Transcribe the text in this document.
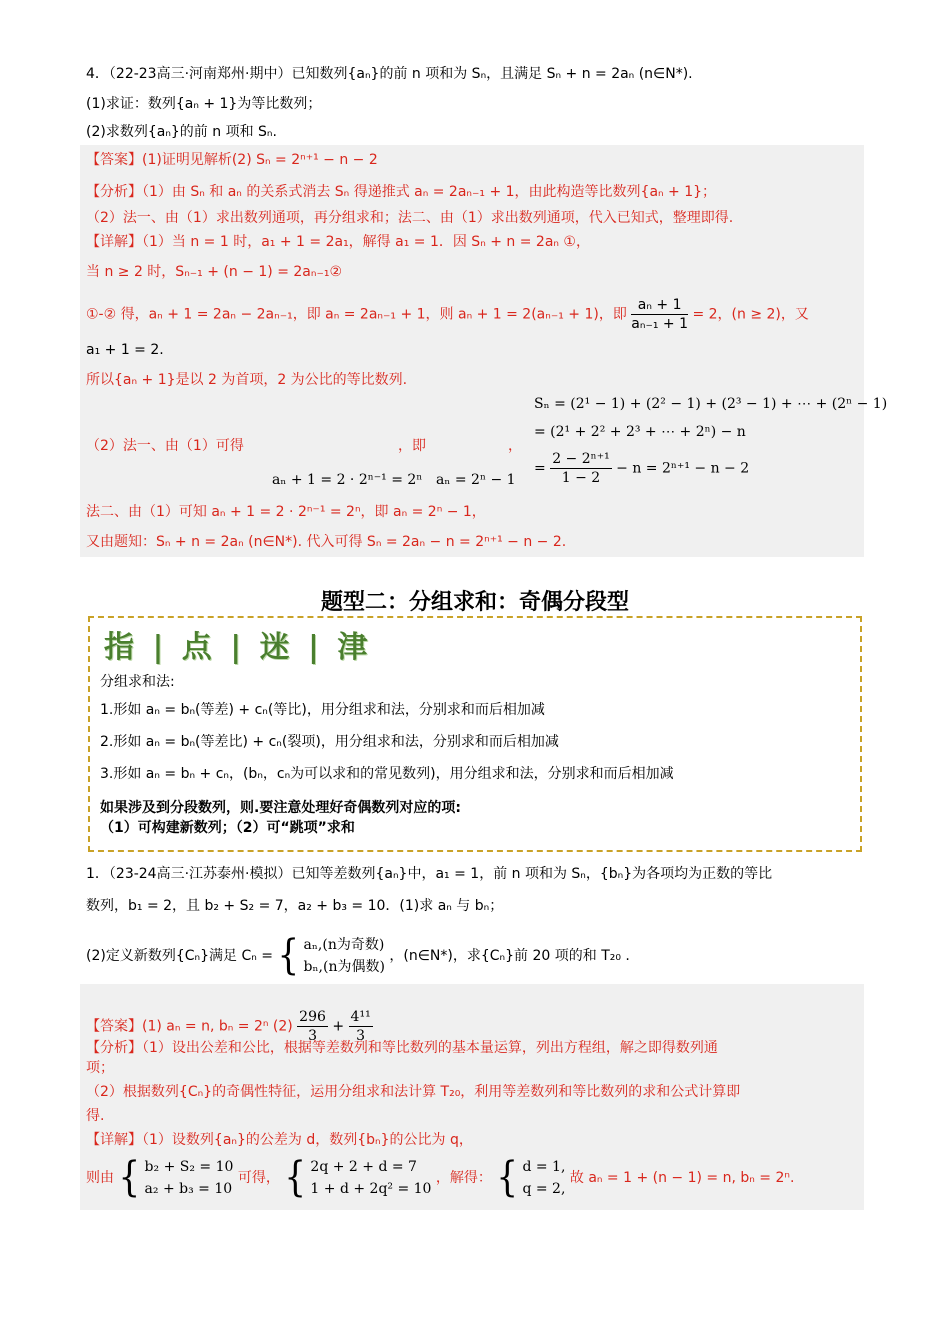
4．（22-23高三·河南郑州·期中）已知数列{aₙ}的前 n 项和为 Sₙ，且满足 Sₙ + n = 2aₙ (n∈N*).
(1)求证：数列{aₙ + 1}为等比数列；
(2)求数列{aₙ}的前 n 项和 Sₙ.
【答案】(1)证明见解析(2) Sₙ = 2ⁿ⁺¹ − n − 2
【分析】（1）由 Sₙ 和 aₙ 的关系式消去 Sₙ 得递推式 aₙ = 2aₙ₋₁ + 1，由此构造等比数列{aₙ + 1}；
（2）法一、由（1）求出数列通项，再分组求和；法二、由（1）求出数列通项，代入已知式，整理即得.
【详解】（1）当 n = 1 时，a₁ + 1 = 2a₁，解得 a₁ = 1．因 Sₙ + n = 2aₙ ①，
当 n ≥ 2 时，Sₙ₋₁ + (n − 1) = 2aₙ₋₁②
①-② 得，aₙ + 1 = 2aₙ − 2aₙ₋₁，即 aₙ = 2aₙ₋₁ + 1，则 aₙ + 1 = 2(aₙ₋₁ + 1)，即 $\frac{\text{aₙ + 1}}{\text{aₙ₋₁ + 1}} = 2$，(n ≥ 2)，又
a₁ + 1 = 2.
所以{aₙ + 1}是以 2 为首项，2 为公比的等比数列.
Sₙ = (2¹ − 1) + (2² − 1) + (2³ − 1) + ⋯ + (2ⁿ − 1)
= (2¹ + 2² + 2³ + ⋯ + 2ⁿ) − n
= $\frac{\text{2 − 2ⁿ⁺¹}}{1 - 2} - n = 2^{n+1} - n - 2$
（2）法一、由（1）可得	，即	，
aₙ + 1 = 2 · 2ⁿ⁻¹ = 2ⁿ aₙ = 2ⁿ − 1
法二、由（1）可知 aₙ + 1 = 2 · 2ⁿ⁻¹ = 2ⁿ，即 aₙ = 2ⁿ − 1，
又由题知：Sₙ + n = 2aₙ (n∈N*). 代入可得 Sₙ = 2aₙ − n = 2ⁿ⁺¹ − n − 2.
题型二：分组求和：奇偶分段型
指 | 点 | 迷 | 津
分组求和法:
1.形如 aₙ = bₙ(等差) + cₙ(等比)，用分组求和法，分别求和而后相加减
2.形如 aₙ = bₙ(等差比) + cₙ(裂项)，用分组求和法，分别求和而后相加减
3.形如 aₙ = bₙ + cₙ，(bₙ，cₙ为可以求和的常见数列)，用分组求和法，分别求和而后相加减
如果涉及到分段数列，则.要注意处理好奇偶数列对应的项:
（1）可构建新数列；（2）可“跳项”求和
1．（23-24高三·江苏泰州·模拟）已知等差数列{aₙ}中，a₁ = 1，前 n 项和为 Sₙ，{bₙ}为各项均为正数的等比
数列，b₁ = 2，且 b₂ + S₂ = 7，a₂ + b₃ = 10．(1)求 aₙ 与 bₙ；
(2)定义新数列{Cₙ}满足 Cₙ = { aₙ,(n为奇数)
bₙ,(n为偶数)
，(n∈N*)，求{Cₙ}前 20 项的和 T₂₀ .
【答案】(1) aₙ = n, bₙ = 2ⁿ $(2) \frac{296}{3} + \frac{\text{4¹¹}}{3}$
【分析】（1）设出公差和公比，根据等差数列和等比数列的基本量运算，列出方程组，解之即得数列通
项；
（2）根据数列{Cₙ}的奇偶性特征，运用分组求和法计算 T₂₀，利用等差数列和等比数列的求和公式计算即
得.
【详解】（1）设数列{aₙ}的公差为 d，数列{bₙ}的公比为 q，
则由 { b₂ + S₂ = 10
a₂ + b₃ = 10
可得， { 2q + 2 + d = 7
1 + d + 2q² = 10
，解得： { d = 1,
q = 2,
故 aₙ = 1 + (n − 1) = n, bₙ = 2ⁿ.
